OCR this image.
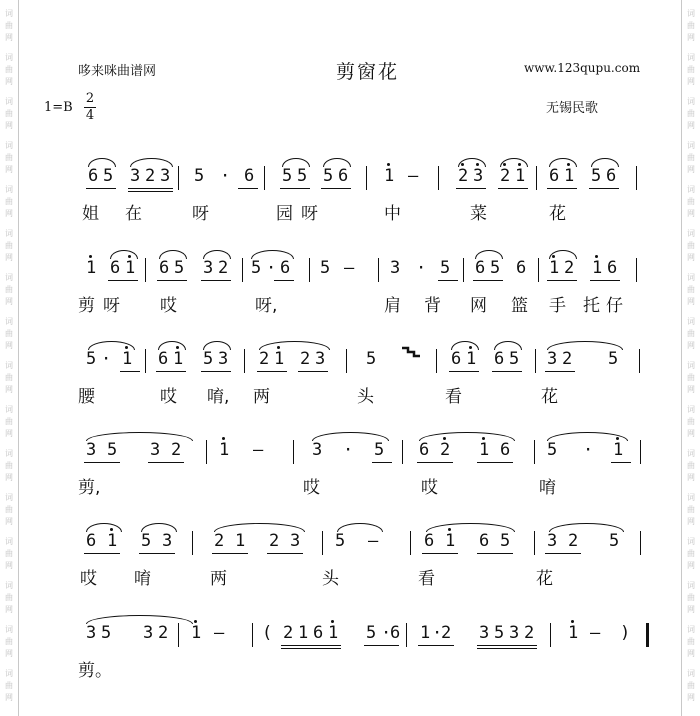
词
曲
网
词
曲
网
词
曲
网
词
曲
网
词
曲
网
词
曲
网
词
曲
网
词
曲
网
词
曲
网
词
曲
网
词
曲
网
词
曲
网
词
曲
网
词
曲
网
词
曲
网
词
曲
网
词
曲
网
词
曲
网
词
曲
网
词
曲
网
词
曲
网
词
曲
网
词
曲
网
词
曲
网
词
曲
网
词
曲
网
词
曲
网
词
曲
网
词
曲
网
词
曲
网
词
曲
网
词
曲
网
哆来咪曲谱网	剪窗花	www.123qupu.com
1=B
2
4	无锡民歌
6 5 3 2 3 5 · 6 5 5 5 6 1 — 2 3 2 1 6 1 5 6
姐 在	呀	园 呀	中	菜	花
1 6 1 6 5 3 2 5 · 6 5 — 3 · 5 6 5 6 1 2 1 6
剪 呀 哎	呀,	肩 背 网 篮 手 托 仔
5 · 1 6 1 5 3 2 1 2 3 5	6 1 6 5 3 2 5
腰	哎 唷, 两	头	看	花
3 5 3 2 1 —	3 · 5 6 2 1 6 5 · 1
剪,	哎	哎	唷
6 1 5 3 2 1 2 3 5 —	6 1 6 5 3 2 5
哎 唷	两	头	看	花
3 5 3 2 1 — ( 2 1 6 1 5 ·
6 1 ·
2 3 5 3 2 1 — )
剪。
